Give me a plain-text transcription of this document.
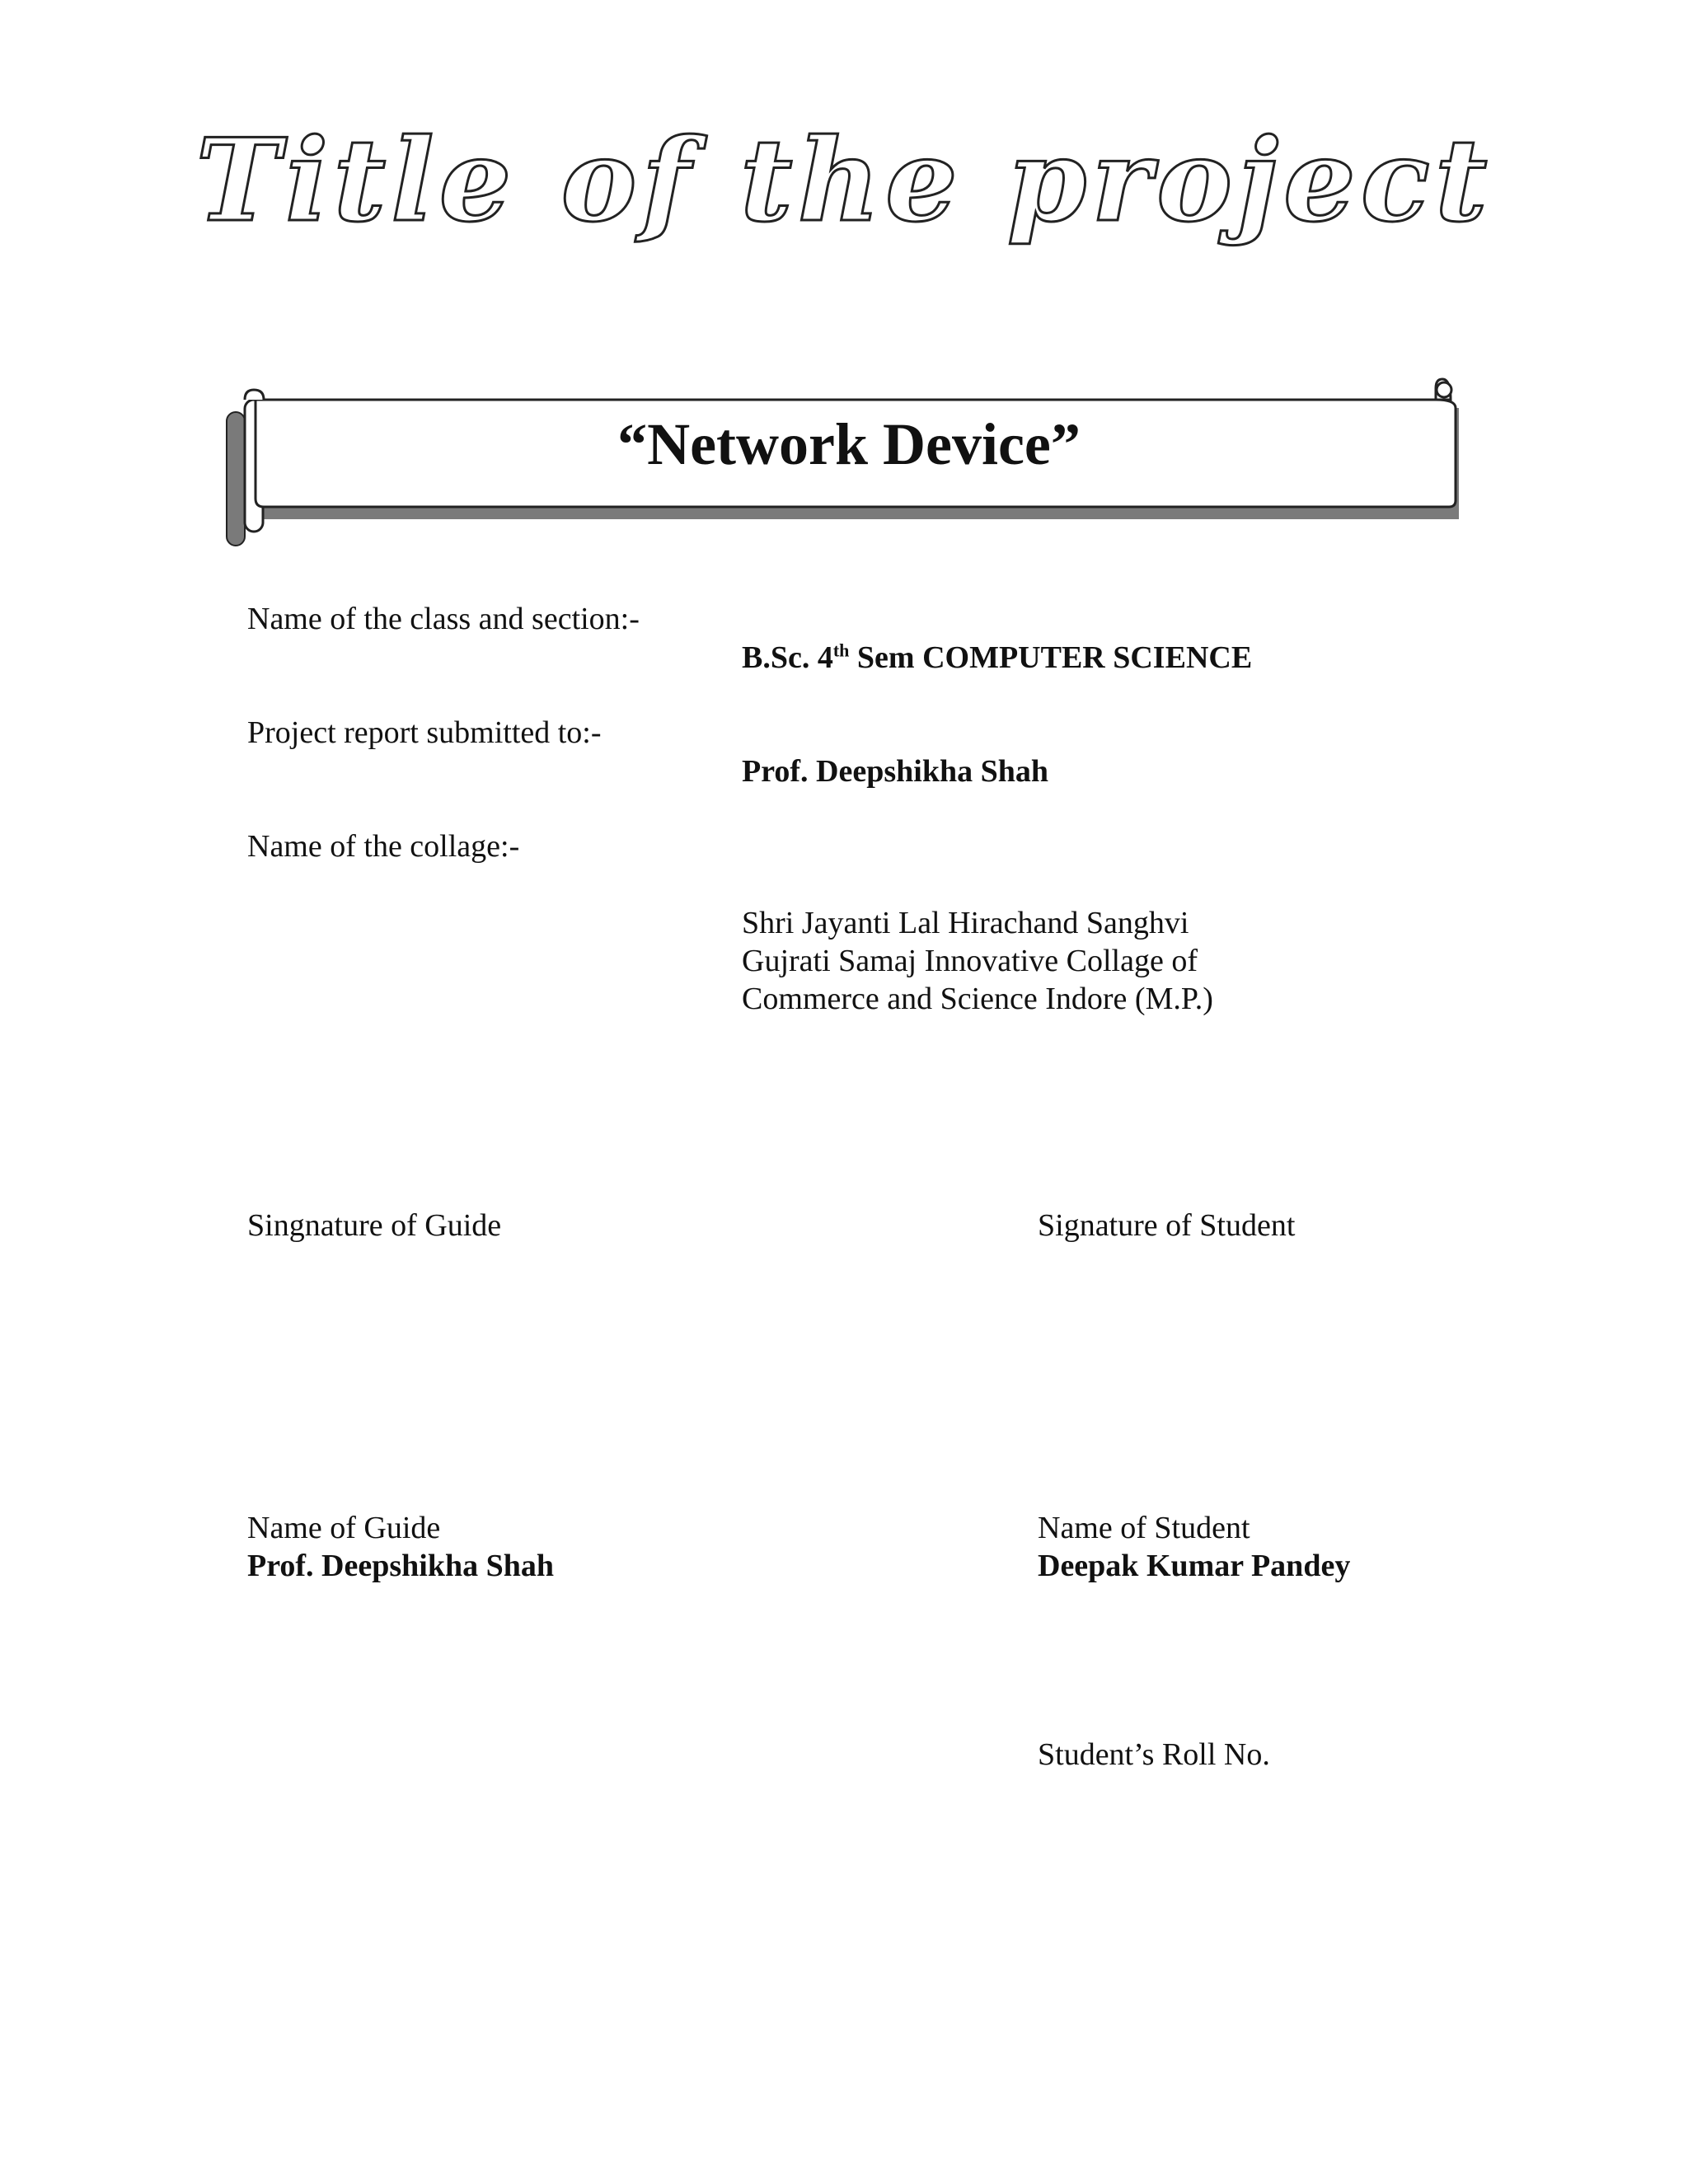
Title of the project
“Network Device”
Name of the class and section:-
B.Sc. 4th Sem COMPUTER SCIENCE
Project report submitted to:-
Prof. Deepshikha Shah
Name of the collage:-
Shri Jayanti Lal Hirachand Sanghvi
Gujrati Samaj Innovative Collage of
Commerce and Science Indore (M.P.)
Singnature of Guide	Signature of Student
Name of Guide
Prof. Deepshikha Shah
Name of Student
Deepak Kumar Pandey
Student’s Roll No.
